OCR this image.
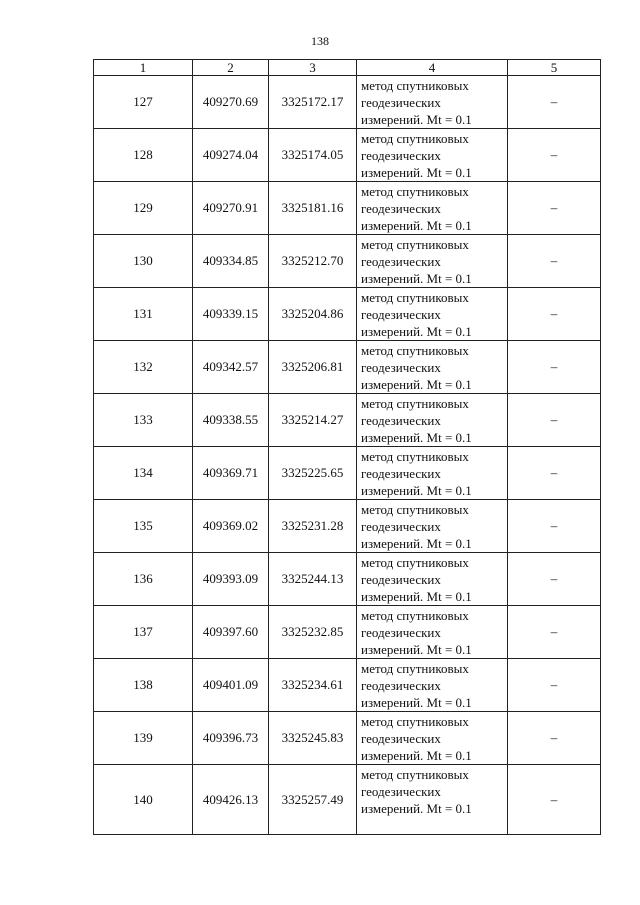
138
1	2	3	4	5
127	409270.69	3325172.17	метод спутниковых
геодезических
измерений. Mt = 0.1	–
128	409274.04	3325174.05	метод спутниковых
геодезических
измерений. Mt = 0.1	–
129	409270.91	3325181.16	метод спутниковых
геодезических
измерений. Mt = 0.1	–
130	409334.85	3325212.70	метод спутниковых
геодезических
измерений. Mt = 0.1	–
131	409339.15	3325204.86	метод спутниковых
геодезических
измерений. Mt = 0.1	–
132	409342.57	3325206.81	метод спутниковых
геодезических
измерений. Mt = 0.1	–
133	409338.55	3325214.27	метод спутниковых
геодезических
измерений. Mt = 0.1	–
134	409369.71	3325225.65	метод спутниковых
геодезических
измерений. Mt = 0.1	–
135	409369.02	3325231.28	метод спутниковых
геодезических
измерений. Mt = 0.1	–
136	409393.09	3325244.13	метод спутниковых
геодезических
измерений. Mt = 0.1	–
137	409397.60	3325232.85	метод спутниковых
геодезических
измерений. Mt = 0.1	–
138	409401.09	3325234.61	метод спутниковых
геодезических
измерений. Mt = 0.1	–
139	409396.73	3325245.83	метод спутниковых
геодезических
измерений. Mt = 0.1	–
140	409426.13	3325257.49	метод спутниковых
геодезических
измерений. Mt = 0.1	–
